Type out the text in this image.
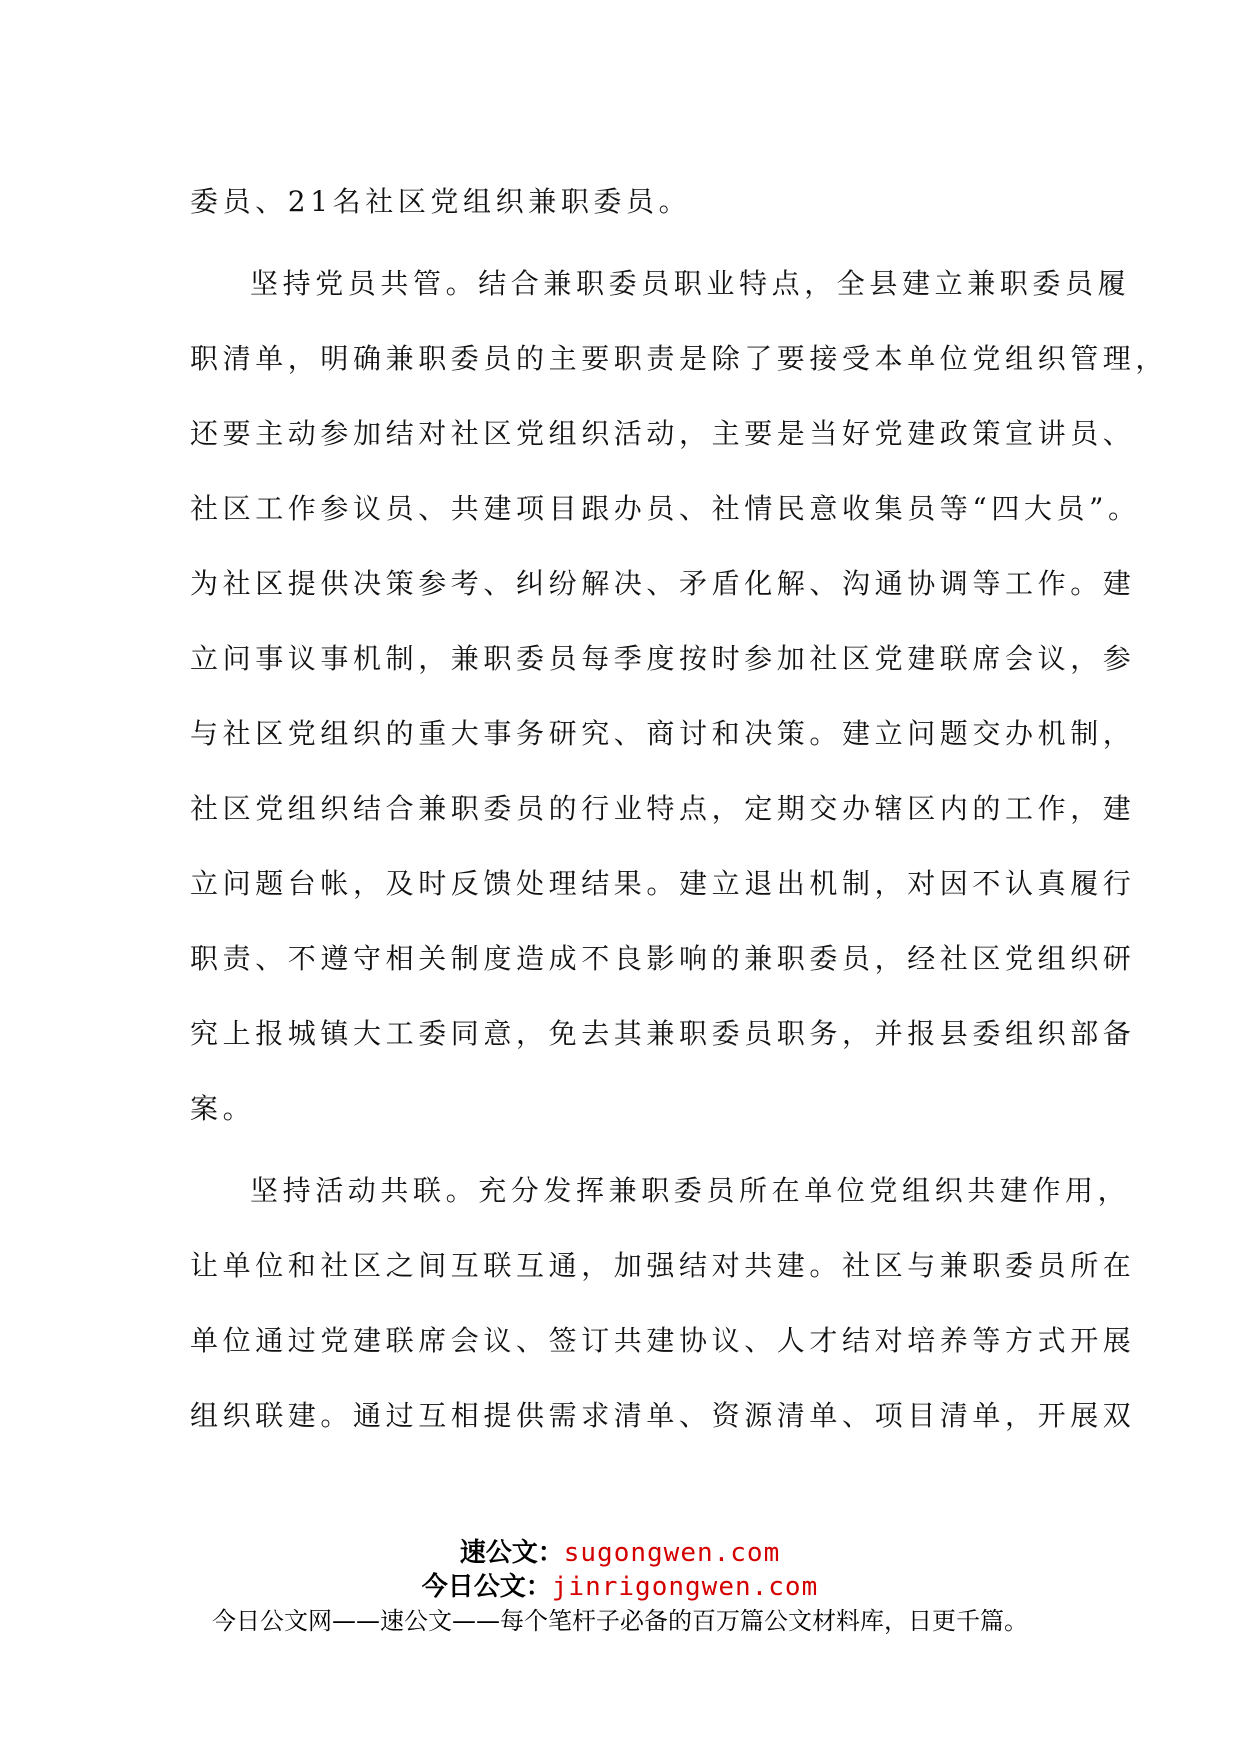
委员、21名社区党组织兼职委员。
坚持党员共管。结合兼职委员职业特点，全县建立兼职委员履
职清单，明确兼职委员的主要职责是除了要接受本单位党组织管理，
还要主动参加结对社区党组织活动，主要是当好党建政策宣讲员、
社区工作参议员、共建项目跟办员、社情民意收集员等“四大员”。
为社区提供决策参考、纠纷解决、矛盾化解、沟通协调等工作。建
立问事议事机制，兼职委员每季度按时参加社区党建联席会议，参
与社区党组织的重大事务研究、商讨和决策。建立问题交办机制，
社区党组织结合兼职委员的行业特点，定期交办辖区内的工作，建
立问题台帐，及时反馈处理结果。建立退出机制，对因不认真履行
职责、不遵守相关制度造成不良影响的兼职委员，经社区党组织研
究上报城镇大工委同意，免去其兼职委员职务，并报县委组织部备
案。
坚持活动共联。充分发挥兼职委员所在单位党组织共建作用，
让单位和社区之间互联互通，加强结对共建。社区与兼职委员所在
单位通过党建联席会议、签订共建协议、人才结对培养等方式开展
组织联建。通过互相提供需求清单、资源清单、项目清单，开展双
速公文：sugongwen.com
今日公文：jinrigongwen.com
今日公文网——速公文——每个笔杆子必备的百万篇公文材料库，日更千篇。
